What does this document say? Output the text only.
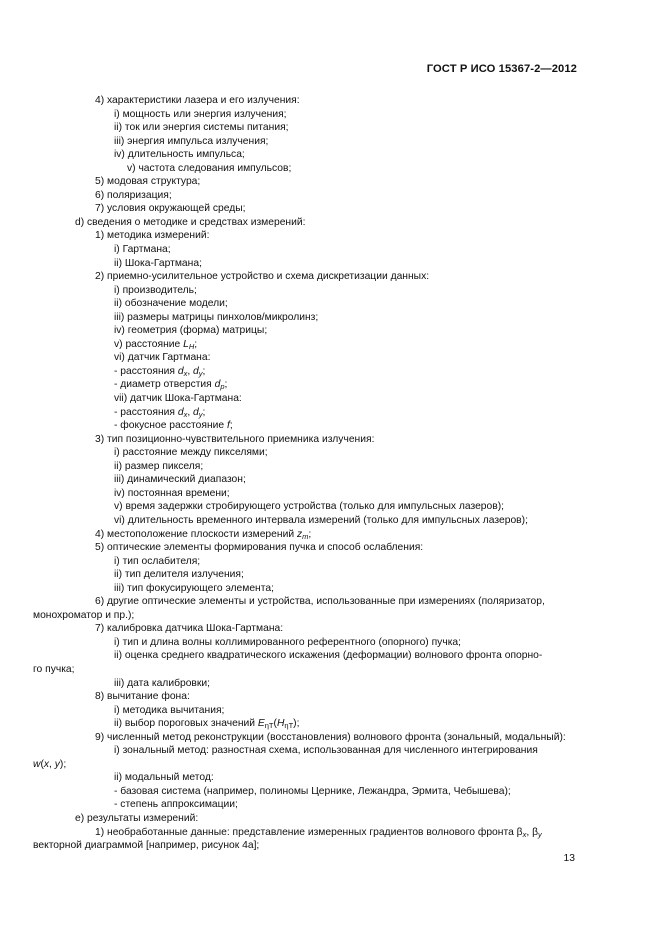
ГОСТ Р ИСО 15367-2—2012
4) характеристики лазера и его излучения:
i) мощность или энергия излучения;
ii) ток или энергия системы питания;
iii) энергия импульса излучения;
iv) длительность импульса;
v) частота следования импульсов;
5) модовая структура;
6) поляризация;
7) условия окружающей среды;
d) сведения о методике и средствах измерений:
1) методика измерений:
i) Гартмана;
ii) Шока-Гартмана;
2) приемно-усилительное устройство и схема дискретизации данных:
i) производитель;
ii) обозначение модели;
iii) размеры матрицы пинхолов/микролинз;
iv) геометрия (форма) матрицы;
v) расстояние $L_H$;
vi) датчик Гартмана:
- расстояния $d_x$, $d_y$;
- диаметр отверстия $d_p$;
vii) датчик Шока-Гартмана:
- расстояния $d_x$, $d_y$;
- фокусное расстояние f;
3) тип позиционно-чувствительного приемника излучения:
i) расстояние между пикселями;
ii) размер пикселя;
iii) динамический диапазон;
iv) постоянная времени;
v) время задержки стробирующего устройства (только для импульсных лазеров);
vi) длительность временного интервала измерений (только для импульсных лазеров);
4) местоположение плоскости измерений $z_m$;
5) оптические элементы формирования пучка и способ ослабления:
i) тип ослабителя;
ii) тип делителя излучения;
iii) тип фокусирующего элемента;
6) другие оптические элементы и устройства, использованные при измерениях (поляризатор,
монохроматор и пр.);
7) калибровка датчика Шока-Гартмана:
i) тип и длина волны коллимированного референтного (опорного) пучка;
ii) оценка среднего квадратического искажения (деформации) волнового фронта опорно-
го пучка;
iii) дата калибровки;
8) вычитание фона:
i) методика вычитания;
ii) выбор пороговых значений $E_{\eta T}(H_{\eta T})$;
9) численный метод реконструкции (восстановления) волнового фронта (зональный, модальный):
i) зональный метод: разностная схема, использованная для численного интегрирования
w(x, y);
ii) модальный метод:
- базовая система (например, полиномы Цернике, Лежандра, Эрмита, Чебышева);
- степень аппроксимации;
e) результаты измерений:
1) необработанные данные: представление измеренных градиентов волнового фронта $\beta_x$, $\beta_y$
векторной диаграммой [например, рисунок 4а];
13
